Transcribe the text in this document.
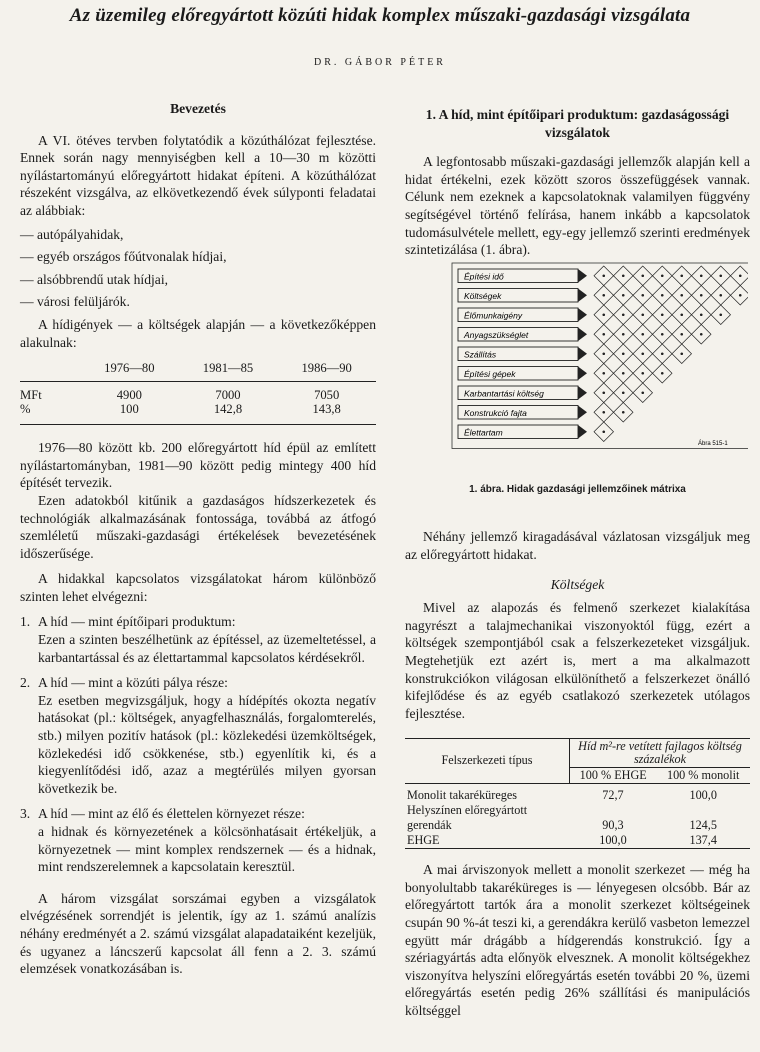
Az üzemileg előregyártott közúti hidak komplex műszaki-gazdasági vizsgálata
DR. GÁBOR PÉTER
Bevezetés

A VI. ötéves tervben folytatódik a közúthálózat fejlesztése. Ennek során nagy mennyiségben kell a 10—30 m közötti nyílástartományú előregyártott hidakat építeni. A közúthálózat részeként vizsgálva, az elkövetkezendő évek súlyponti feladatai az alábbiak:

— autópályahidak,
— egyéb országos főútvonalak hídjai,
— alsóbbrendű utak hídjai,
— városi felüljárók.

A hídigények — a költségek alapján — a következőképpen alakulnak:

	1976—80	1981—85	1986—90

MFt	4900	7000	7050
%	100	142,8	143,8

1976—80 között kb. 200 előregyártott híd épül az említett nyílástartományban, 1981—90 között pedig mintegy 400 híd építését tervezik.

Ezen adatokból kitűnik a gazdaságos hídszerkezetek és technológiák alkalmazásának fontossága, továbbá az átfogó szemléletű műszaki-gazdasági értékelések bevezetésének időszerűsége.

A hidakkal kapcsolatos vizsgálatokat három különböző szinten lehet elvégezni:

1. A híd — mint építőipari produktum:

Ezen a szinten beszélhetünk az építéssel, az üzemeltetéssel, a karbantartással és az élettartammal kapcsolatos kérdésekről.

2. A híd — mint a közúti pálya része:

Ez esetben megvizsgáljuk, hogy a hídépítés okozta negatív hatásokat (pl.: költségek, anyagfelhasználás, forgalomterelés, stb.) milyen pozitív hatások (pl.: közlekedési üzemköltségek, közlekedési idő csökkenése, stb.) egyenlítik ki, és a kiegyenlítődési idő, azaz a megtérülés milyen gyorsan következik be.

3. A híd — mint az élő és élettelen környezet része:

a hidnak és környezetének a kölcsönhatásait értékeljük, a környezetnek — mint komplex rendszernek — és a hidnak, mint rendszerelemnek a kapcsolatain keresztül.

A három vizsgálat sorszámai egyben a vizsgálatok elvégzésének sorrendjét is jelentik, így az 1. számú analízis néhány eredményét a 2. számú vizsgálat alapadataiként kezeljük, és ugyanez a láncszerű kapcsolat áll fenn a 2. 3. számú elemzések vonatkozásában is.

1. A híd, mint építőipari produktum: gazdaságossági vizsgálatok

A legfontosabb műszaki-gazdasági jellemzők alapján kell a hidat értékelni, ezek között szoros összefüggések vannak. Célunk nem ezeknek a kapcsolatoknak valamilyen függvény segítségével történő felírása, hanem inkább a kapcsolatok tudomásulvétele mellett, egy-egy jellemző szerinti eredmények szintetizálása (1. ábra).

Építési idő
Költségek
Élőmunkaigény
Anyagszükséglet
Szállítás
Építési gépek
Karbantartási költség
Konstrukció fajta
Élettartam
Ábra 515-1
1. ábra. Hidak gazdasági jellemzőinek mátrixa

Néhány jellemző kiragadásával vázlatosan vizsgáljuk meg az előregyártott hidakat.

Költségek

Mivel az alapozás és felmenő szerkezet kialakítása nagyrészt a talajmechanikai viszonyoktól függ, ezért a költségek szempontjából csak a felszerkezeteket vizsgáljuk. Megtehetjük ezt azért is, mert a ma alkalmazott konstrukciókon világosan elkülöníthető a felszerkezet önálló kifejlődése és az egyéb csatlakozó szerkezetek utólagos fejlesztése.

Felszerkezeti típus	Híd m²-re vetített fajlagos költség százalékok	
	100 % EHGE	100 % monolit
Monolit takaréküreges	72,7	100,0
Helyszínen előregyártott		
gerendák	90,3	124,5
EHGE	100,0	137,4

A mai árviszonyok mellett a monolit szerkezet — még ha bonyolultabb takaréküreges is — lényegesen olcsóbb. Bár az előregyártott tartók ára a monolit szerkezet költségeinek csupán 90 %-át teszi ki, a gerendákra kerülő vasbeton lemezzel együtt már drágább a hídgerendás konstrukció. Így a szériagyártás adta előnyök elvesznek. A monolit költségekhez viszonyítva helyszíni előregyártás esetén további 20 %, üzemi előregyártás esetén pedig 26% szállítási és manipulációs költséggel
